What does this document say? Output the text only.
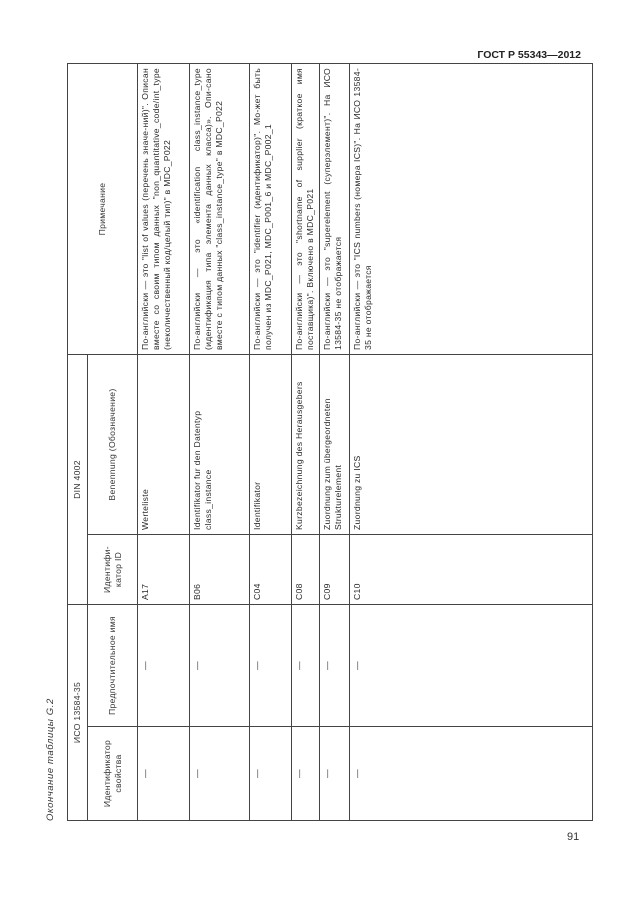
ГОСТ Р 55343—2012
Окончание таблицы G.2	ИСО 13584-35		DIN 4002		Примечание
Идентификатор свойства	Предпочтительное имя	Идентифи-катор ID	Benennung (Обозначение)	
—	—	A17	Werteliste	По-английски — это "list of values (перечень значе-ний)". Описан вместе со своим типом данных "non_quantitative_code/int_type (неколичественный код/целый тип)" в MDC_P022
—	—	B06	Identifikator fur den Datentyp class_instance	По-английски — это «identification class_instance_type (идентификация типа элемента данных класса)». Опи-сано вместе с типом данных "class_instance_type" в MDC_P022
—	—	C04	Identifikator	По-английски — это "identifier (идентификатор)". Мо-жет быть получен из MDC_P021, MDC_P001_6 и MDC_P002_1
—	—	C08	Kurzbezeichnung des Herausgebers	По-английски — это "shortname of supplier (краткое имя поставщика)". Включено в MDC_P021
—	—	C09	Zuordnung zum übergeordneten Strukturelement	По-английски — это "superelement (суперэлемент)". На ИСО 13584-35 не отображается
—	—	C10	Zuordnung zu ICS	По-английски — это "ICS numbers (номера ICS)". На ИСО 13584-35 не отображается
91
